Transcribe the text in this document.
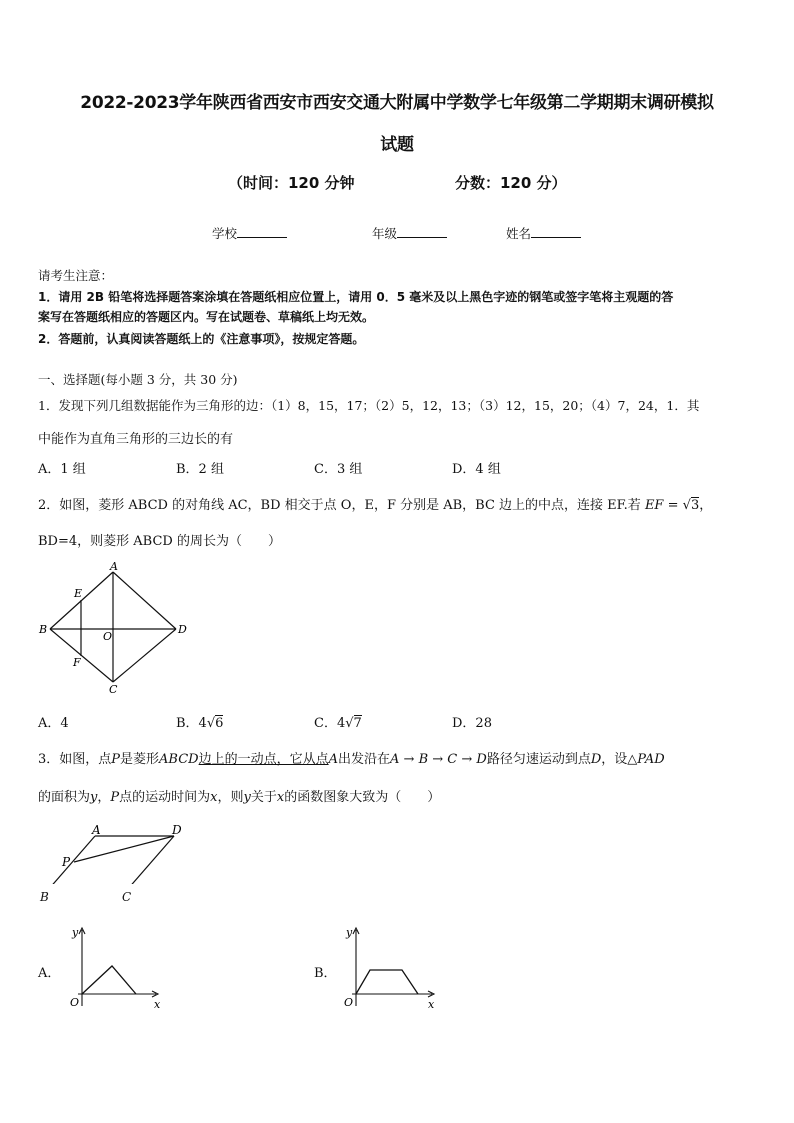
2022-2023学年陕西省西安市西安交通大附属中学数学七年级第二学期期末调研模拟
试题
（时间：120 分钟	分数：120 分）
学校	年级	姓名
请考生注意：
1．请用 2B 铅笔将选择题答案涂填在答题纸相应位置上，请用 0．5 毫米及以上黑色字迹的钢笔或签字笔将主观题的答
案写在答题纸相应的答题区内。写在试题卷、草稿纸上均无效。
2．答题前，认真阅读答题纸上的《注意事项》，按规定答题。
一、选择题(每小题 3 分，共 30 分)
1．发现下列几组数据能作为三角形的边：（1）8，15，17；（2）5，12，13；（3）12，15，20；（4）7，24，1．其
中能作为直角三角形的三边长的有
A．1 组	B．2 组	C．3 组	D．4 组
2．如图，菱形 ABCD 的对角线 AC，BD 相交于点 O，E，F 分别是 AB，BC 边上的中点，连接 EF.若 EF = √3，
BD=4，则菱形 ABCD 的周长为（　　）
A
B
C
D
E
F
O
A．4	B．4√6	C．4√7	D．28
3．如图，点P是菱形ABCD边上的一动点，它从点A出发沿在A → B → C → D路径匀速运动到点D，设△PAD
的面积为y，P点的运动时间为x，则y关于x的函数图象大致为（　　）
A	D
P
B	C
A．
y
x
O
B．
y
x
O
